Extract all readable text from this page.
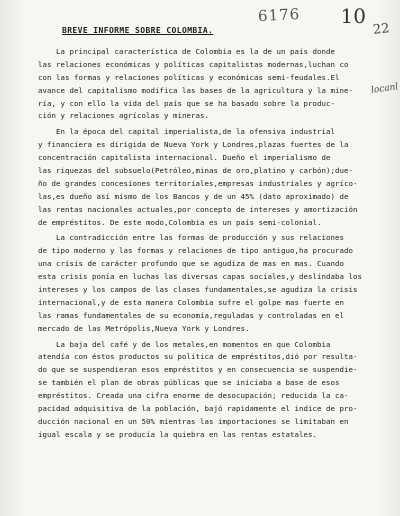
6176 10
22
locanl
BREVE INFORME SOBRE COLOMBIA.
La principal característica de Colombia es la de un país donde
las relaciones económicas y políticas capitalistas modernas,luchan co
con las formas y relaciones políticas y económicas semi-feudales.El
avance del capitalismo modifica las bases de la agricultura y la mine-
ría, y con ello la vida del país que se ha basado sobre la produc-
ción y relaciones agrícolas y mineras.
En la época del capital imperialista,de la ofensiva industrial
y financiera es dirigida de Nueva York y Londres,plazas fuertes de la
concentración capitalista internacional. Dueño el imperialismo de
las riquezas del subsuelo(Petróleo,minas de oro,platino y carbón);due-
ño de grandes concesiones territoriales,empresas industriales y agríco-
las,es dueño así mismo de los Bancos y de un 45% (dato aproximado) de
las rentas nacionales actuales,por concepto de intereses y amortización
de empréstitos. De este modo,Colombia es un país semi-colonial.
La contradicción entre las formas de producción y sus relaciones
de tipo moderno y las formas y relaciones de tipo antiguo,ha procurado
una crisis de carácter profundo que se agudiza de mas en mas. Cuando
esta crisis ponía en luchas las diversas capas sociales,y deslindaba los
intereses y los campos de las clases fundamentales,se agudiza la crisis
internacional,y de esta manera Colombia sufre el golpe mas fuerte en
las ramas fundamentales de su economía,reguladas y controladas en el
mercado de las Metrópolis,Nueva York y Londres.
La baja del café y de los metales,en momentos en que Colombia
atendía con éstos productos su política de empréstitos,dió por resulta-
do que se suspendieran esos empréstitos y en consecuencia se suspendie-
se también el plan de obras públicas que se iniciaba a base de esos
empréstitos. Creada una cifra enorme de desocupación; reducida la ca-
pacidad adquisitiva de la población, bajó rapidamente el indice de pro-
ducción nacional en un 50% mientras las importaciones se limitaban en
igual escala y se producía la quiebra en las rentas estatales.
